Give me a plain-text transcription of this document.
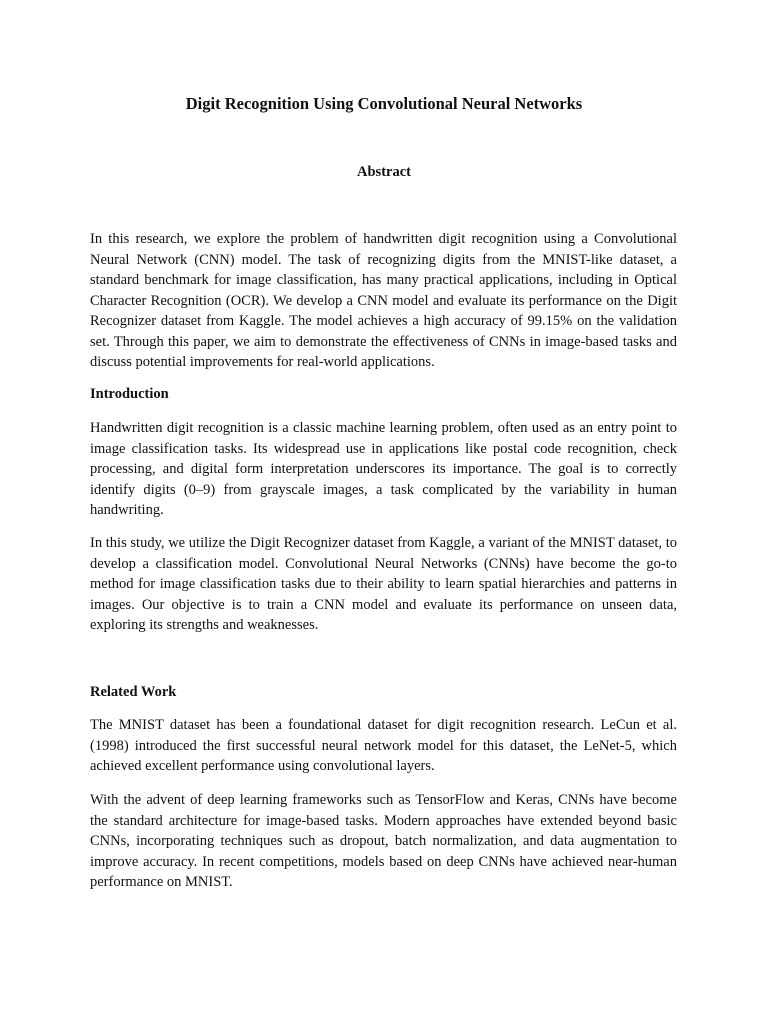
Digit Recognition Using Convolutional Neural Networks
Abstract

In this research, we explore the problem of handwritten digit recognition using a Convolutional Neural Network (CNN) model. The task of recognizing digits from the MNIST-like dataset, a standard benchmark for image classification, has many practical applications, including in Optical Character Recognition (OCR). We develop a CNN model and evaluate its performance on the Digit Recognizer dataset from Kaggle. The model achieves a high accuracy of 99.15% on the validation set. Through this paper, we aim to demonstrate the effectiveness of CNNs in image-based tasks and discuss potential improvements for real-world applications.

Introduction

Handwritten digit recognition is a classic machine learning problem, often used as an entry point to image classification tasks. Its widespread use in applications like postal code recognition, check processing, and digital form interpretation underscores its importance. The goal is to correctly identify digits (0–9) from grayscale images, a task complicated by the variability in human handwriting.

In this study, we utilize the Digit Recognizer dataset from Kaggle, a variant of the MNIST dataset, to develop a classification model. Convolutional Neural Networks (CNNs) have become the go-to method for image classification tasks due to their ability to learn spatial hierarchies and patterns in images. Our objective is to train a CNN model and evaluate its performance on unseen data, exploring its strengths and weaknesses.

Related Work

The MNIST dataset has been a foundational dataset for digit recognition research. LeCun et al. (1998) introduced the first successful neural network model for this dataset, the LeNet-5, which achieved excellent performance using convolutional layers.

With the advent of deep learning frameworks such as TensorFlow and Keras, CNNs have become the standard architecture for image-based tasks. Modern approaches have extended beyond basic CNNs, incorporating techniques such as dropout, batch normalization, and data augmentation to improve accuracy. In recent competitions, models based on deep CNNs have achieved near-human performance on MNIST.
